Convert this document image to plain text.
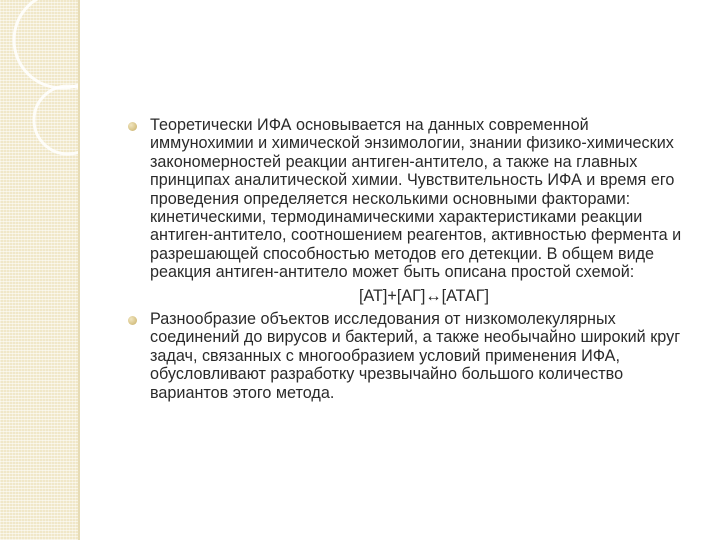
Теоретически ИФА основывается на данных современной иммунохимии и химической энзимологии, знании физико-химических закономерностей реакции антиген-антитело, а также на главных принципах аналитической химии. Чувствительность ИФА и время его проведения определяется несколькими основными факторами: кинетическими, термодинамическими характеристиками реакции антиген-антитело, соотношением реагентов, активностью фермента и разрешающей способностью методов его детекции. В общем виде реакция антиген-антитело может быть описана простой схемой:
[АТ]+[АГ]↔[АТАГ]
Разнообразие объектов исследования от низкомолекулярных соединений до вирусов и бактерий, а также необычайно широкий круг задач, связанных с многообразием условий применения ИФА, обусловливают разработку чрезвычайно большого количество вариантов этого метода.
